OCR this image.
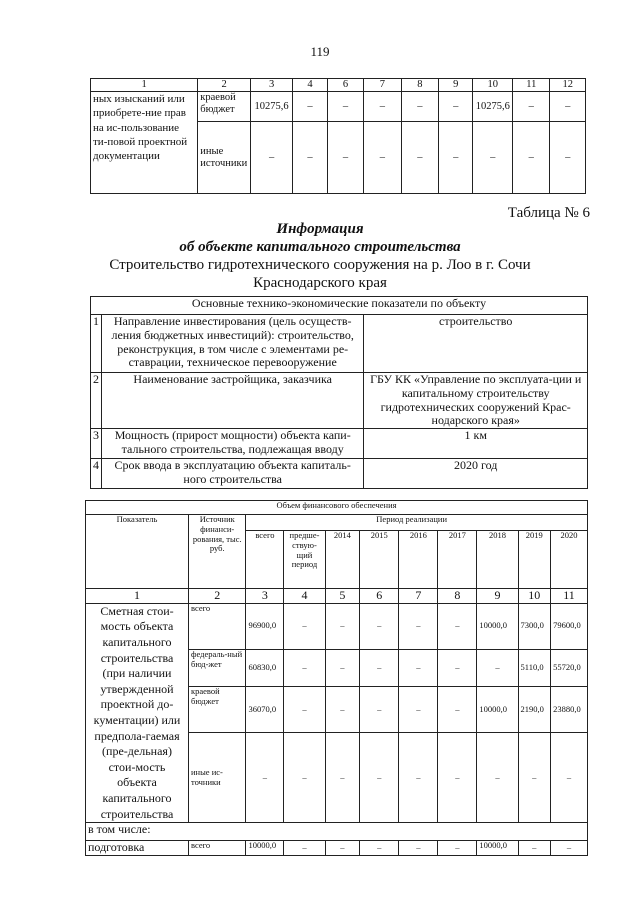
119
1	2	3	4	6	7	8	9	10	11	12
ных изысканий или приобрете-ние прав на ис-пользование ти-повой проектной документации	краевой бюджет	10275,6	–	–	–	–	–	10275,6	–	–
	иные источники	–	–	–	–	–	–	–	–	–
Таблица № 6
Информация
об объекте капитального строительства
Строительство гидротехнического сооружения на р. Лоо в г. Сочи
Краснодарского края
Основные технико-экономические показатели по объекту		
1	Направление инвестирования (цель осуществ-ления бюджетных инвестиций): строительство, реконструкция, в том числе с элементами ре-ставрации, техническое перевооружение	строительство
2	Наименование застройщика, заказчика	ГБУ КК «Управление по эксплуата-ции и капитальному строительству гидротехнических сооружений Крас-нодарского края»
3	Мощность (прирост мощности) объекта капи-тального строительства, подлежащая вводу	1 км
4	Срок ввода в эксплуатацию объекта капиталь-ного строительства	2020 год
Объем финансового обеспечения										
Показатель	Источник финанси-рования, тыс. руб.	Период реализации								
		всего	предше-ствую-щий период	2014	2015	2016	2017	2018	2019	2020
1	2	3	4	5	6	7	8	9	10	11
Сметная стои-мость объекта капитального строительства (при наличии утвержденной проектной до-кументации) или предпола-гаемая (пре-дельная) стои-мость объекта капитального строительства	всего	96900,0	–	–	–	–	–	10000,0	7300,0	79600,0
	федераль-ный бюд-жет	60830,0	–	–	–	–	–	–	5110,0	55720,0
	краевой бюджет	36070,0	–	–	–	–	–	10000,0	2190,0	23880,0
	иные ис-точники	–	–	–	–	–	–	–	–	–
в том числе:										
подготовка	всего	10000,0	–	–	–	–	–	10000,0	–	–
